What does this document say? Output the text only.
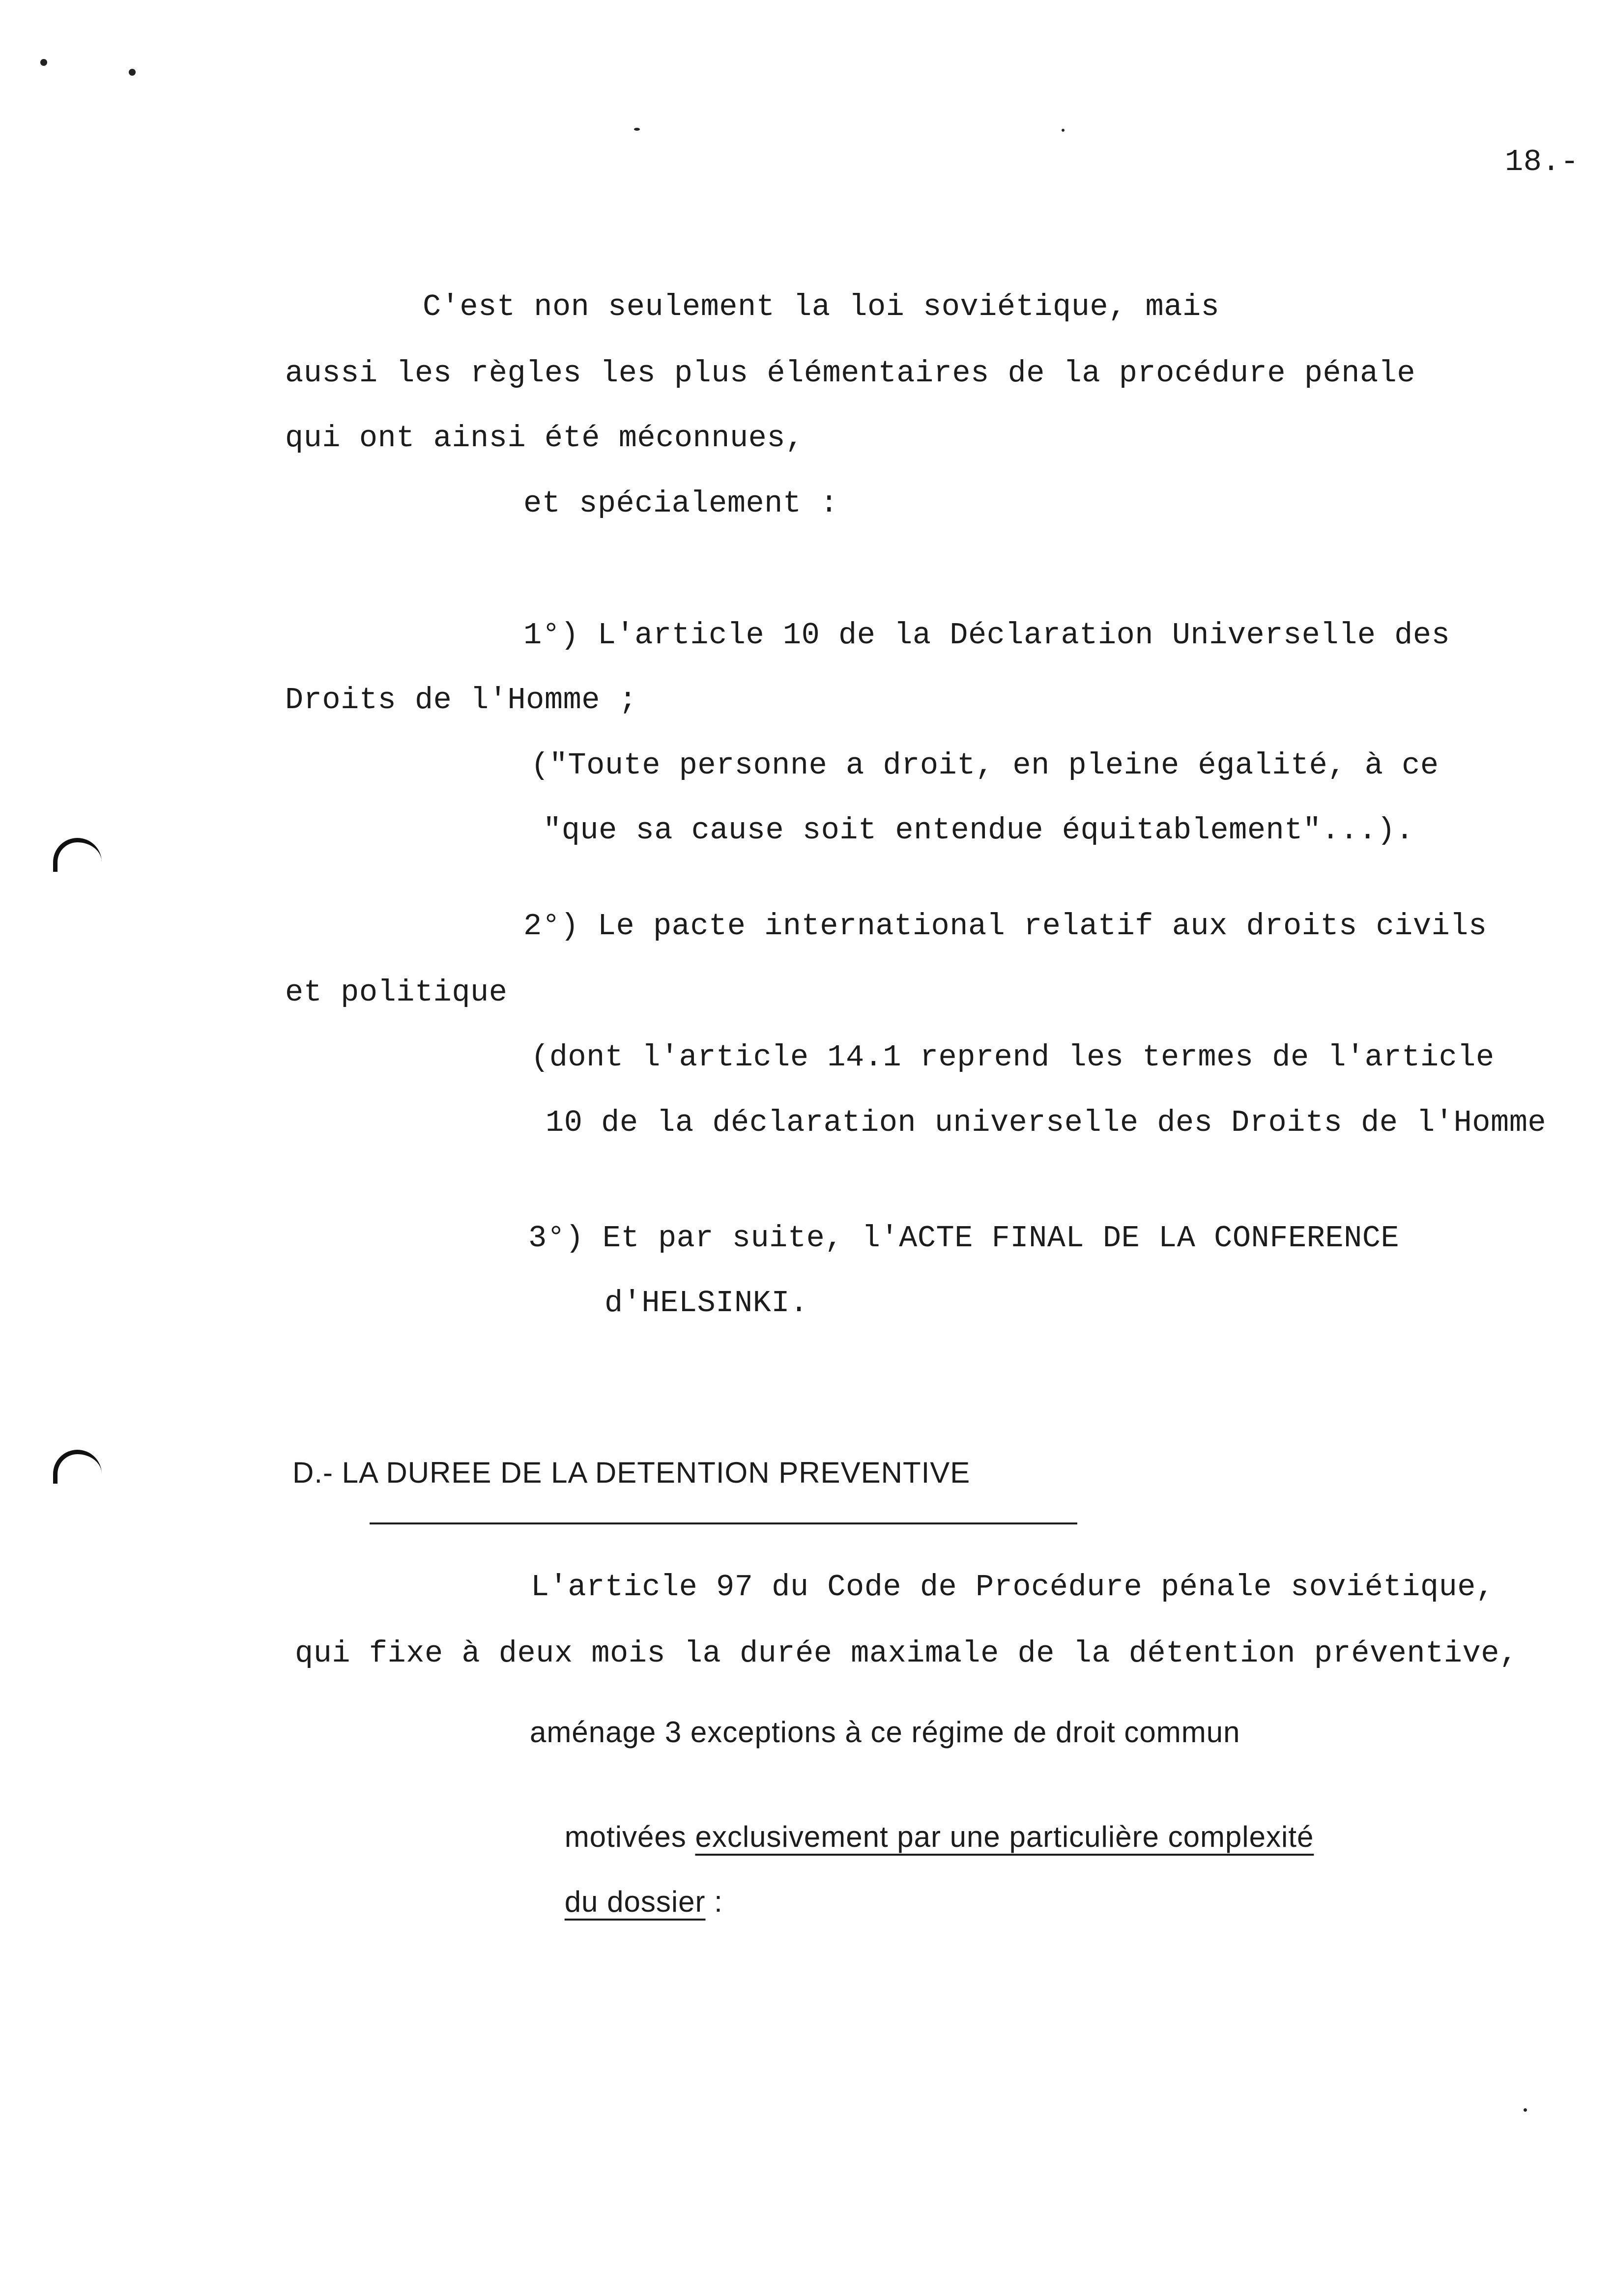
18.-
C'est non seulement la loi soviétique, mais
aussi les règles les plus élémentaires de la procédure pénale
qui ont ainsi été méconnues,
et spécialement :
1°) L'article 10 de la Déclaration Universelle des
Droits de l'Homme ;
("Toute personne a droit, en pleine égalité, à ce
"que sa cause soit entendue équitablement"...).
2°) Le pacte international relatif aux droits civils
et politique
(dont l'article 14.1 reprend les termes de l'article
10 de la déclaration universelle des Droits de l'Homme
3°) Et par suite, l'ACTE FINAL DE LA CONFERENCE
d'HELSINKI.
D.- LA DUREE DE LA DETENTION PREVENTIVE
L'article 97 du Code de Procédure pénale soviétique,
qui fixe à deux mois la durée maximale de la détention préventive,
aménage 3 exceptions à ce régime de droit commun

motivées exclusivement par une particulière complexité

du dossier :
